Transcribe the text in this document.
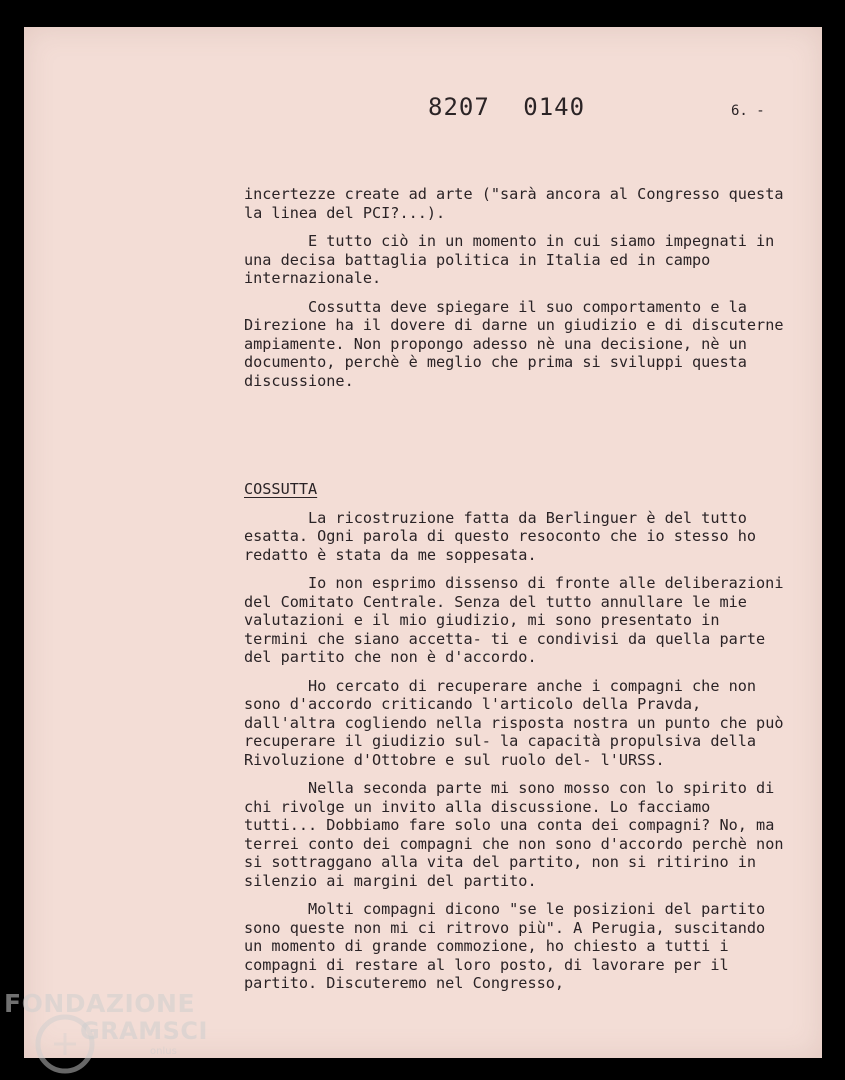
8207 0140	6. -

incertezze create ad arte ("sarà ancora al Congresso questa la linea del PCI?...).

E tutto ciò in un momento in cui siamo impegnati in una decisa battaglia politica in Italia ed in campo internazionale.

Cossutta deve spiegare il suo comportamento e la Direzione ha il dovere di darne un giudizio e di discuterne ampiamente. Non propongo adesso nè una decisione, nè un documento, perchè è meglio che prima si sviluppi questa discussione.

COSSUTTA

La ricostruzione fatta da Berlinguer è del tutto esatta. Ogni parola di questo resoconto che io stesso ho redatto è stata da me soppesata.

Io non esprimo dissenso di fronte alle deliberazioni del Comitato Centrale. Senza del tutto annullare le mie valutazioni e il mio giudizio, mi sono presentato in termini che siano accetta- ti e condivisi da quella parte del partito che non è d'accordo.

Ho cercato di recuperare anche i compagni che non sono d'accordo criticando l'articolo della Pravda, dall'altra cogliendo nella risposta nostra un punto che può recuperare il giudizio sul- la capacità propulsiva della Rivoluzione d'Ottobre e sul ruolo del- l'URSS.

Nella seconda parte mi sono mosso con lo spirito di chi rivolge un invito alla discussione. Lo facciamo tutti... Dobbiamo fare solo una conta dei compagni? No, ma terrei conto dei compagni che non sono d'accordo perchè non si sottraggano alla vita del partito, non si ritirino in silenzio ai margini del partito.

Molti compagni dicono "se le posizioni del partito sono queste non mi ci ritrovo più". A Perugia, suscitando un momento di grande commozione, ho chiesto a tutti i compagni di restare al loro posto, di lavorare per il partito. Discuteremo nel Congresso,

FONDAZIONE
GRAMSCI
onlus
